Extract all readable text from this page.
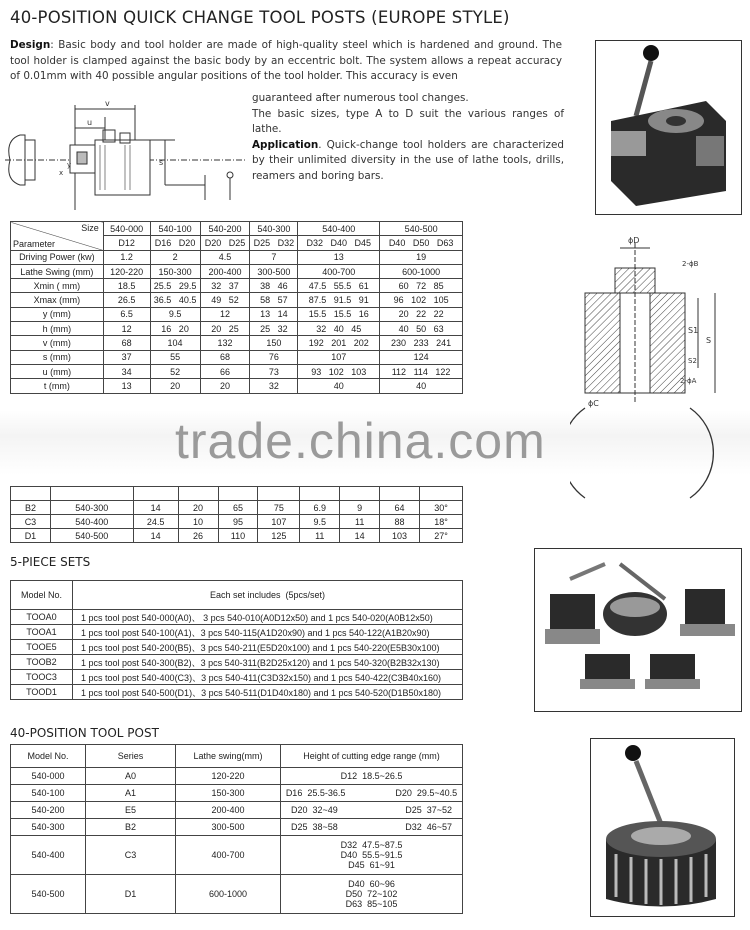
40-POSITION QUICK CHANGE TOOL POSTS (EUROPE STYLE)
Design: Basic body and tool holder are made of high-quality steel which is hardened and ground. The tool holder is clamped against the basic body by an eccentric bolt. The system allows a repeat accuracy of 0.01mm with 40 possible angular positions of the tool holder. This accuracy is even
guaranteed after numerous tool changes.
The basic sizes, type A to D suit the various ranges of lathe.
Application. Quick-change tool holders are characterized by their unlimited diversity in the use of lathe tools, drills, reamers and boring bars.
v
u
s
x
y

Size

Parameter	540-000	540-100	540-200	540-300	540-400	540-500
	D12	D16   D20	D20   D25	D25   D32	D32   D40   D45	D40   D50   D63
Driving Power (kw)	1.2	2	4.5	7	13	19
Lathe Swing (mm)	120-220	150-300	200-400	300-500	400-700	600-1000
Xmin ( mm)	18.5	25.5   29.5	32   37	38   46	47.5   55.5   61	60   72   85
Xmax (mm)	26.5	36.5   40.5	49   52	58   57	87.5   91.5   91	96   102   105
y (mm)	6.5	9.5	12	13   14	15.5   15.5   16	20   22   22
h (mm)	12	16   20	20   25	25   32	32   40   45	40   50   63
v (mm)	68	104	132	150	192   201   202	230   233   241
s (mm)	37	55	68	76	107	124
u (mm)	34	52	66	73	93   102   103	112   114   122
t (mm)	13	20	20	32	40	40
ϕD
2-ϕB
S
S1
S2
2-ϕA
ϕC
trade.china.com

B2	540-300	14	20	65	75	6.9	9	64	30°
C3	540-400	24.5	10	95	107	9.5	11	88	18°
D1	540-500	14	26	110	125	11	14	103	27°
5-PIECE SETS
Model No.	Each set includes  (5pcs/set)
TOOA0	1 pcs tool post 540-000(A0)、 3 pcs 540-010(A0D12x50) and 1 pcs 540-020(A0B12x50)
TOOA1	1 pcs tool post 540-100(A1)、3 pcs 540-115(A1D20x90) and 1 pcs 540-122(A1B20x90)
TOOE5	1 pcs tool post 540-200(B5)、3 pcs 540-211(E5D20x100) and 1 pcs 540-220(E5B30x100)
TOOB2	1 pcs tool post 540-300(B2)、3 pcs 540-311(B2D25x120) and 1 pcs 540-320(B2B32x130)
TOOC3	1 pcs tool post 540-400(C3)、3 pcs 540-411(C3D32x150) and 1 pcs 540-422(C3B40x160)
TOOD1	1 pcs tool post 540-500(D1)、3 pcs 540-511(D1D40x180) and 1 pcs 540-520(D1B50x180)
40-POSITION TOOL POST
Model No.	Series	Lathe swing(mm)	Height of cutting edge range (mm)
540-000	A0	120-220	D12  18.5~26.5
540-100	A1	150-300	D16  25.5-36.5                    D20  29.5~40.5
540-200	E5	200-400	D20  32~49                           D25  37~52
540-300	B2	300-500	D25  38~58                           D32  46~57
540-400	C3	400-700	D32  47.5~87.5
D40  55.5~91.5
D45  61~91
540-500	D1	600-1000	D40  60~96
D50  72~102
D63  85~105
